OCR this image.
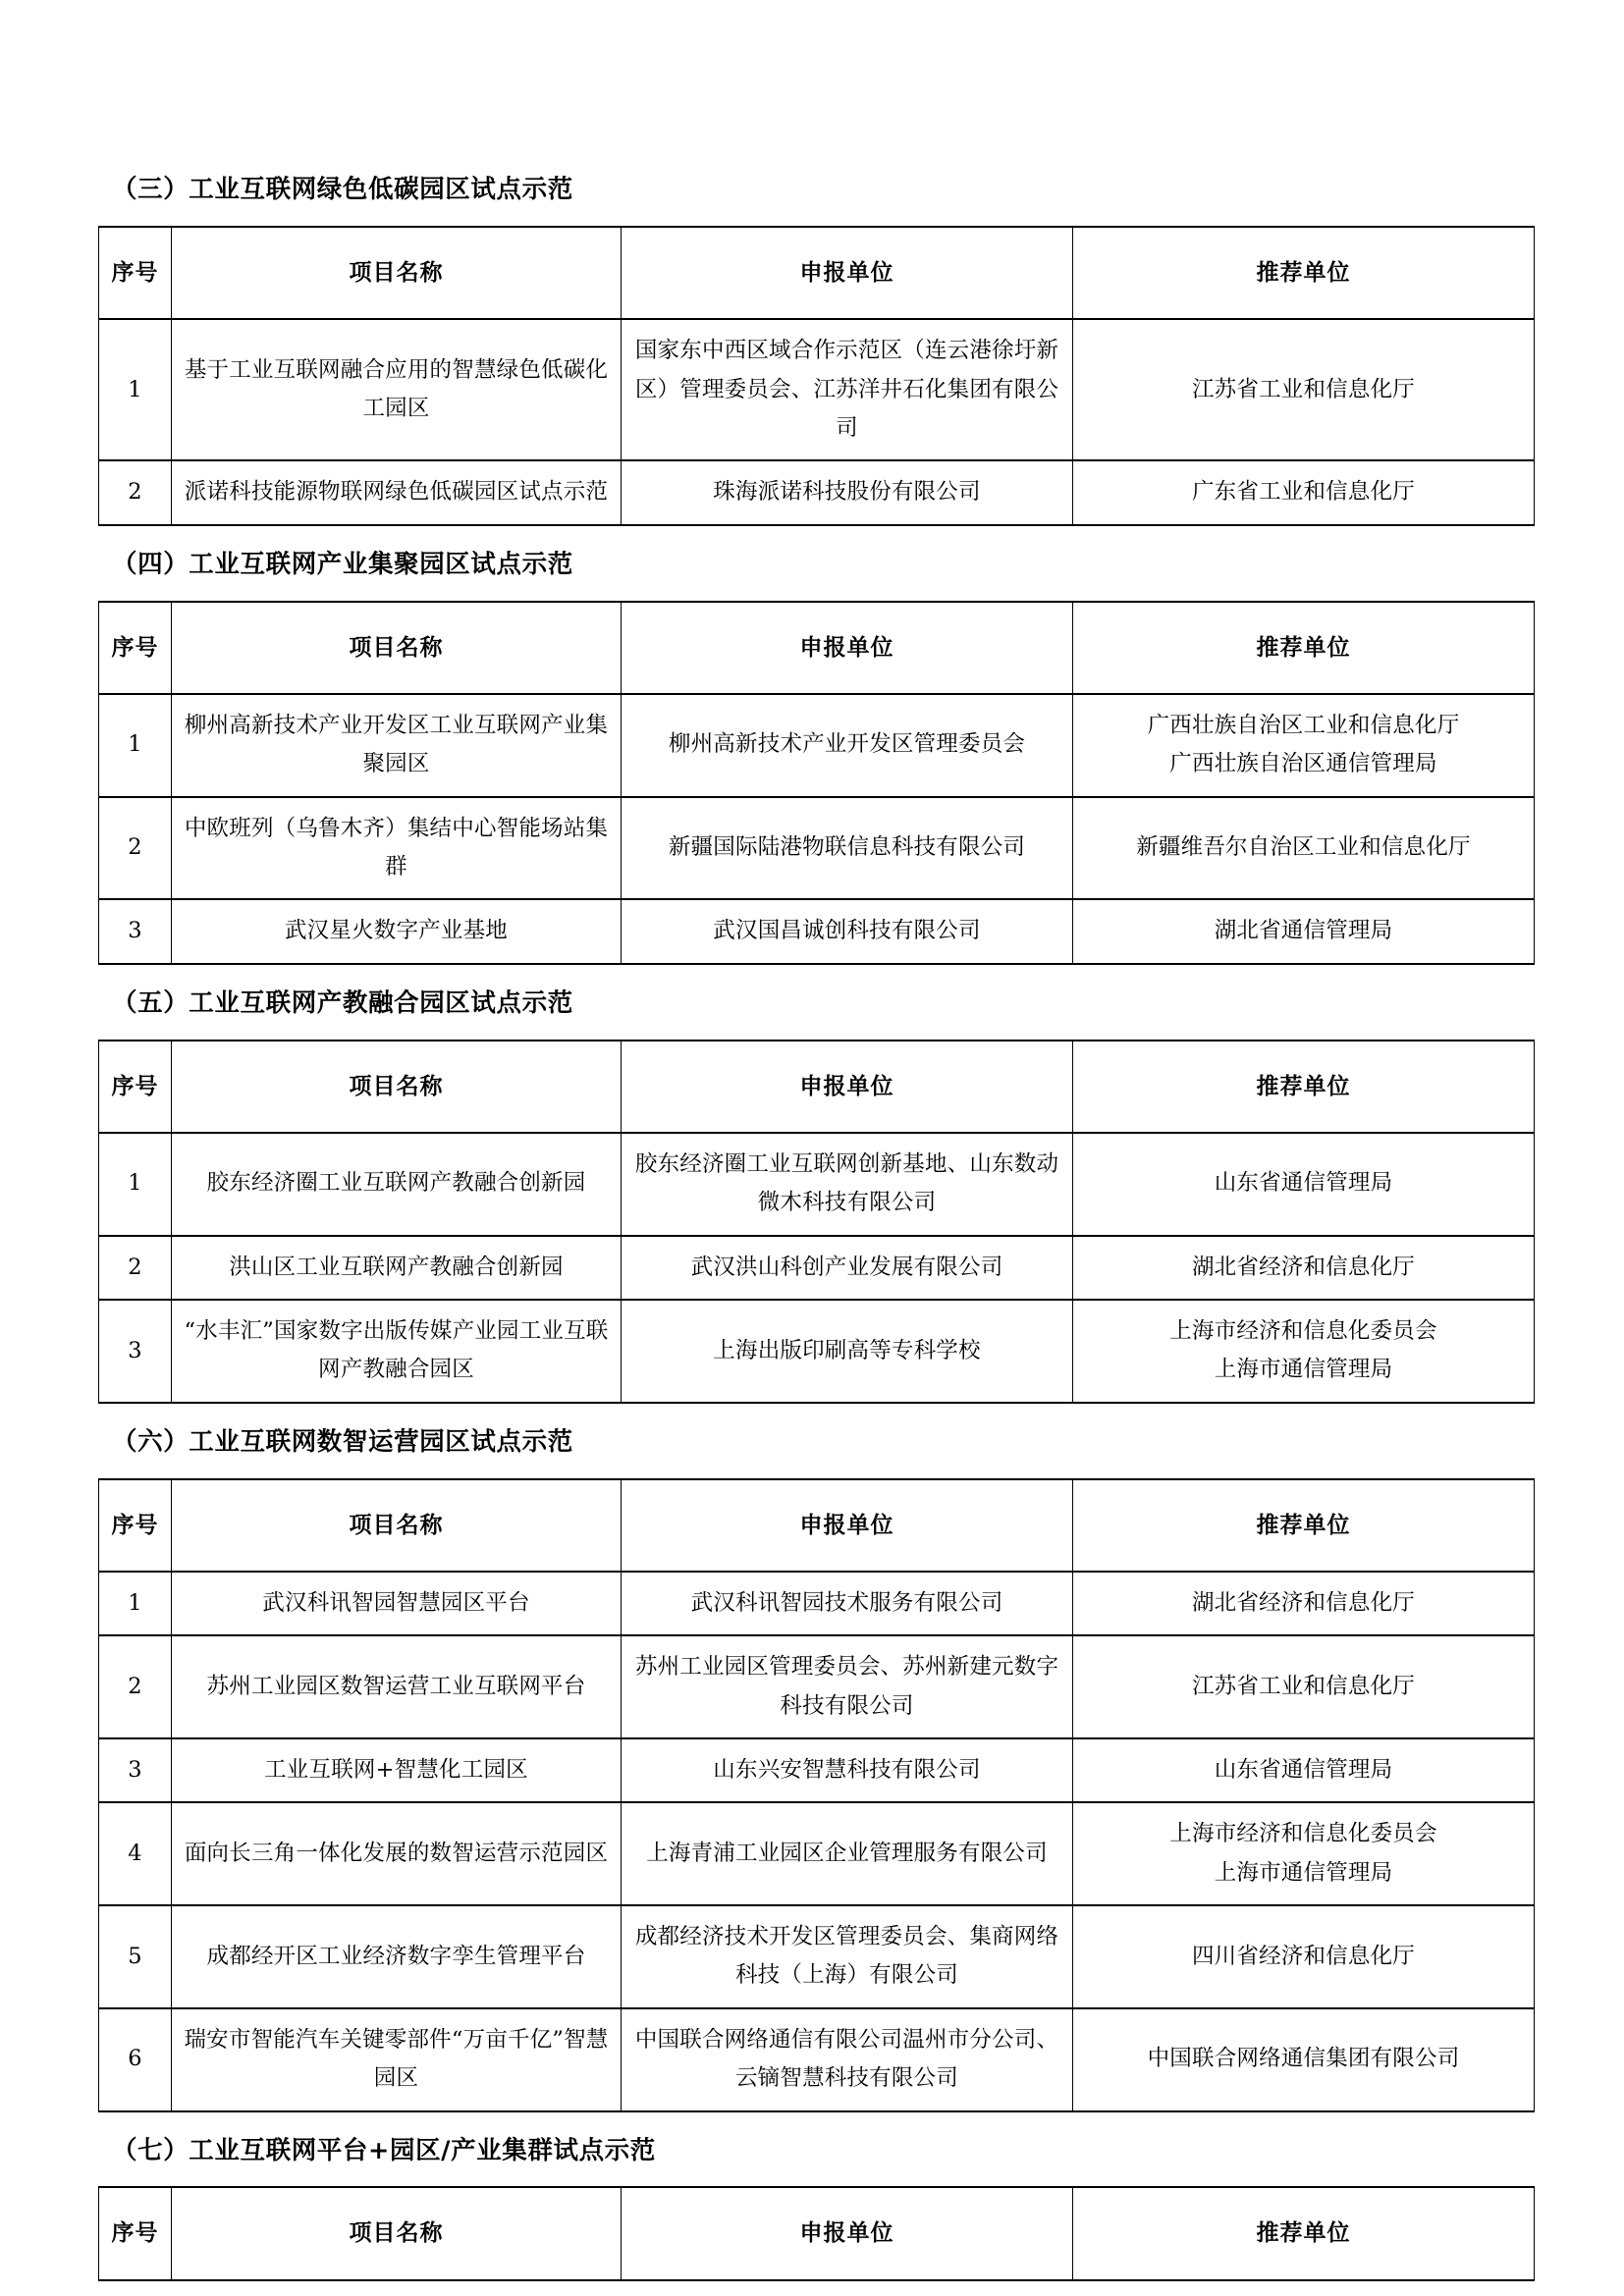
（三）工业互联网绿色低碳园区试点示范
序号	项目名称	申报单位	推荐单位
1	基于工业互联网融合应用的智慧绿色低碳化工园区	国家东中西区域合作示范区（连云港徐圩新区）管理委员会、江苏洋井石化集团有限公司	江苏省工业和信息化厅
2	派诺科技能源物联网绿色低碳园区试点示范	珠海派诺科技股份有限公司	广东省工业和信息化厅
（四）工业互联网产业集聚园区试点示范
序号	项目名称	申报单位	推荐单位
1	柳州高新技术产业开发区工业互联网产业集聚园区	柳州高新技术产业开发区管理委员会	广西壮族自治区工业和信息化厅
广西壮族自治区通信管理局

2	中欧班列（乌鲁木齐）集结中心智能场站集群	新疆国际陆港物联信息科技有限公司	新疆维吾尔自治区工业和信息化厅
3	武汉星火数字产业基地	武汉国昌诚创科技有限公司	湖北省通信管理局
（五）工业互联网产教融合园区试点示范
序号	项目名称	申报单位	推荐单位
1	胶东经济圈工业互联网产教融合创新园	胶东经济圈工业互联网创新基地、山东数动微木科技有限公司	山东省通信管理局
2	洪山区工业互联网产教融合创新园	武汉洪山科创产业发展有限公司	湖北省经济和信息化厅
3	“水丰汇”国家数字出版传媒产业园工业互联网产教融合园区	上海出版印刷高等专科学校	上海市经济和信息化委员会
上海市通信管理局
（六）工业互联网数智运营园区试点示范
序号	项目名称	申报单位	推荐单位
1	武汉科讯智园智慧园区平台	武汉科讯智园技术服务有限公司	湖北省经济和信息化厅
2	苏州工业园区数智运营工业互联网平台	苏州工业园区管理委员会、苏州新建元数字科技有限公司	江苏省工业和信息化厅
3	工业互联网+智慧化工园区	山东兴安智慧科技有限公司	山东省通信管理局
4	面向长三角一体化发展的数智运营示范园区	上海青浦工业园区企业管理服务有限公司	上海市经济和信息化委员会
上海市通信管理局

5	成都经开区工业经济数字孪生管理平台	成都经济技术开发区管理委员会、集商网络科技（上海）有限公司	四川省经济和信息化厅
6	瑞安市智能汽车关键零部件“万亩千亿”智慧园区	中国联合网络通信有限公司温州市分公司、云镝智慧科技有限公司	中国联合网络通信集团有限公司
（七）工业互联网平台+园区/产业集群试点示范
序号	项目名称	申报单位	推荐单位
